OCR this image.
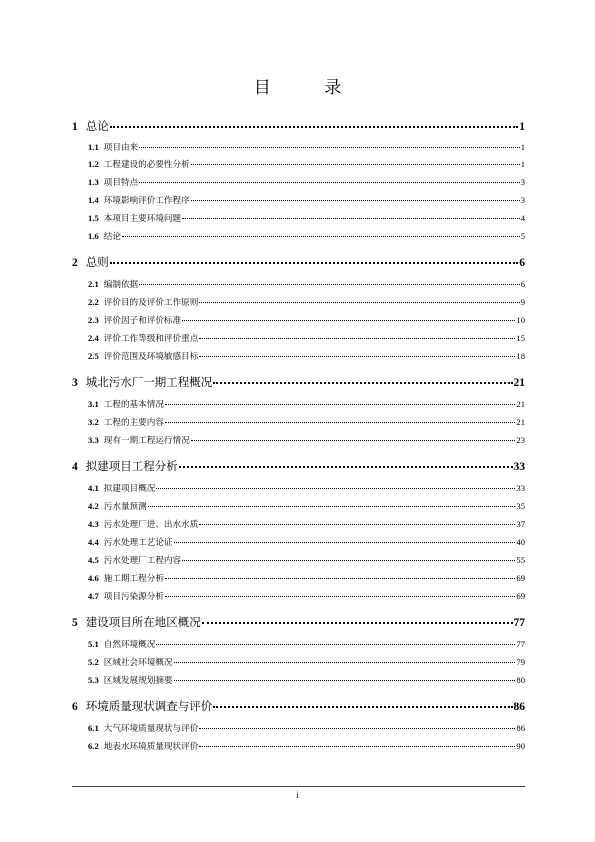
目 录
1 总论	1
1.1 项目由来	1
1.2 工程建设的必要性分析	1
1.3 项目特点	3
1.4 环境影响评价工作程序	3
1.5 本项目主要环境问题	4
1.6 结论	5
2 总则	6
2.1 编制依据	6
2.2 评价目的及评价工作原则	9
2.3 评价因子和评价标准	10
2.4 评价工作等级和评价重点	15
2.5 评价范围及环境敏感目标	18
3 城北污水厂一期工程概况	21
3.1 工程的基本情况	21
3.2 工程的主要内容	21
3.3 现有一期工程运行情况	23
4 拟建项目工程分析	33
4.1 拟建项目概况	33
4.2 污水量预测	35
4.3 污水处理厂进、出水水质	37
4.4 污水处理工艺论证	40
4.5 污水处理厂工程内容	55
4.6 施工期工程分析	69
4.7 项目污染源分析	69
5 建设项目所在地区概况	77
5.1 自然环境概况	77
5.2 区域社会环境概况	79
5.3 区域发展规划摘要	80
6 环境质量现状调查与评价	86
6.1 大气环境质量现状与评价	86
6.2 地表水环境质量现状评价	90
i
